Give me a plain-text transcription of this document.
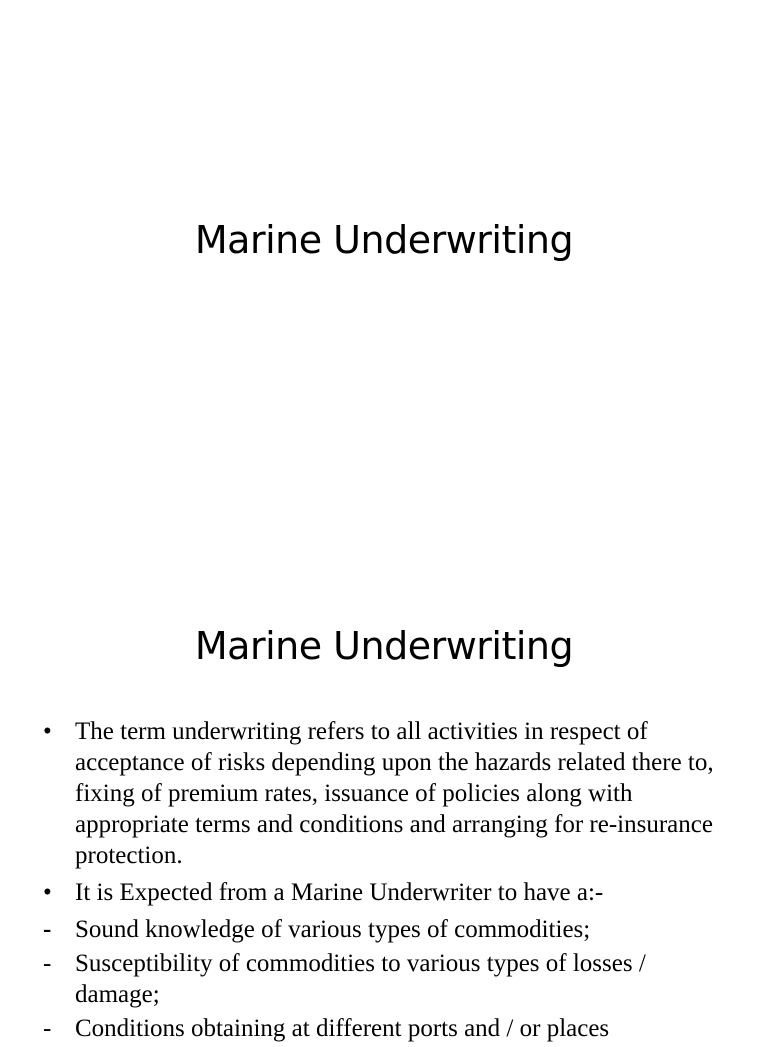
Marine Underwriting
Marine Underwriting
• The term underwriting refers to all activities in respect of acceptance of risks depending upon the hazards related there to, fixing of premium rates, issuance of policies along with appropriate terms and conditions and arranging for re-insurance protection.
• It is Expected from a Marine Underwriter to have a:-
- Sound knowledge of various types of commodities;
- Susceptibility of commodities to various types of losses / damage;
- Conditions obtaining at different ports and / or places
